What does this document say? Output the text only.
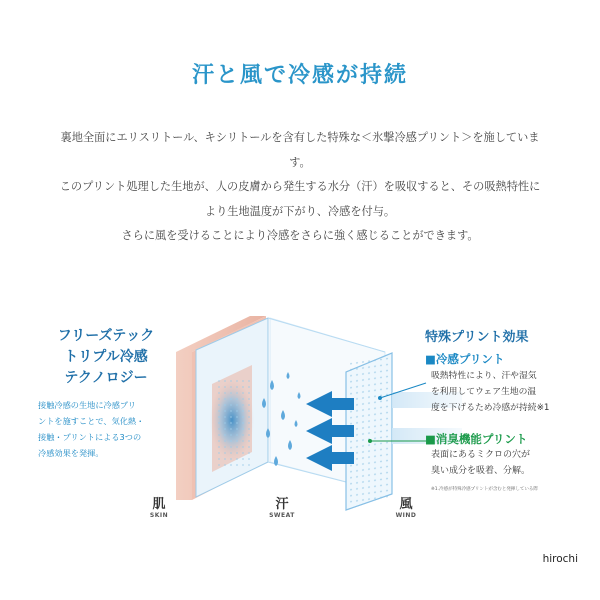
汗と風で冷感が持続
裏地全面にエリスリトール、キシリトールを含有した特殊な＜氷撃冷感プリント＞を施していま
す。
このプリント処理した生地が、人の皮膚から発生する水分（汗）を吸収すると、その吸熱特性に
より生地温度が下がり、冷感を付与。
さらに風を受けることにより冷感をさらに強く感じることができます。
フリーズテック
トリプル冷感
テクノロジー
接触冷感の生地に冷感プリ
ントを施すことで、気化熱・
接触・プリントによる3つの
冷感効果を発揮。
特殊プリント効果
■冷感プリント
吸熱特性により、汗や湿気
を利用してウェア生地の温
度を下げるため冷感が持続※1
■消臭機能プリント
表面にあるミクロの穴が
臭い成分を吸着、分解。
※1.冷感が特殊冷感プリントが含むと発揮している際
肌
SKIN
汗
SWEAT
風
WIND
hirochi
